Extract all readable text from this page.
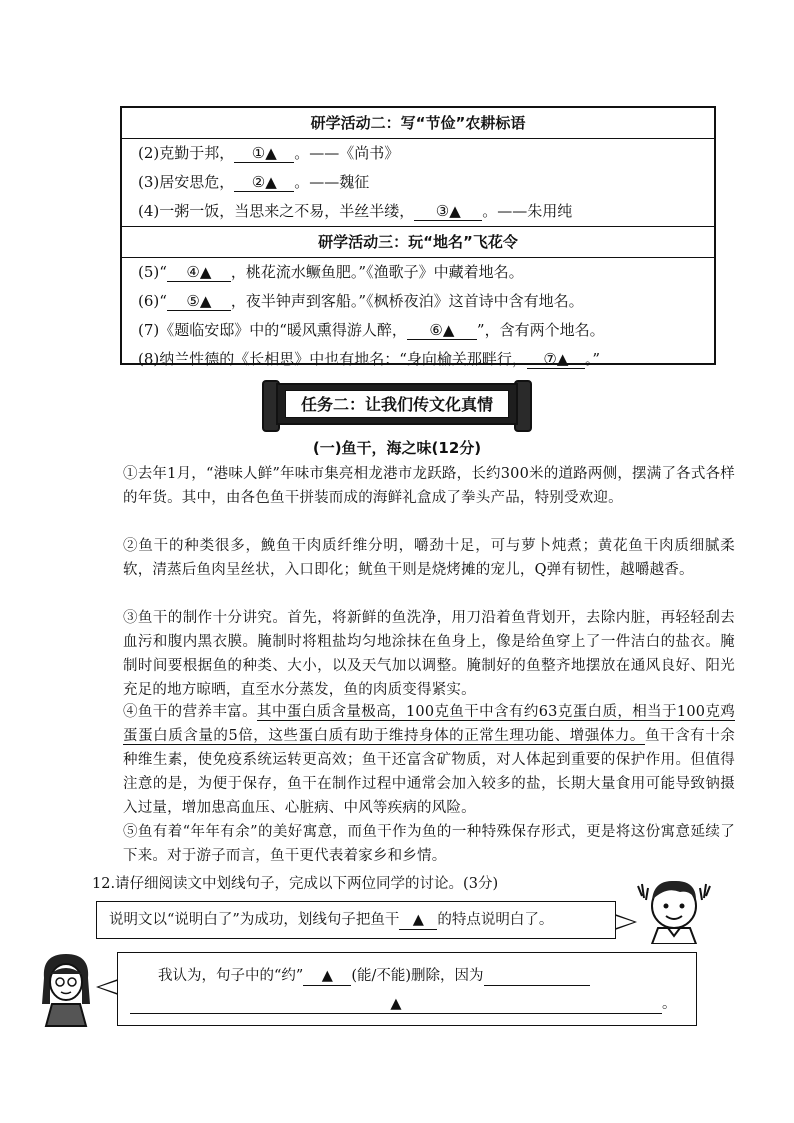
研学活动二：写“节俭”农耕标语
(2)克勤于邦， ①▲ 。——《尚书》
(3)居安思危， ②▲ 。——魏征
(4)一粥一饭，当思来之不易，半丝半缕， ③▲ 。——朱用纯
研学活动三：玩“地名”飞花令
(5)“ ④▲ ，桃花流水鳜鱼肥。”《渔歌子》中藏着地名。
(6)“ ⑤▲ ，夜半钟声到客船。”《枫桥夜泊》这首诗中含有地名。
(7)《题临安邸》中的“暖风熏得游人醉， ⑥▲ ”，含有两个地名。
(8)纳兰性德的《长相思》中也有地名：“身向榆关那畔行， ⑦▲ 。”
任务二：让我们传文化真情
(一)鱼干，海之味(12分)
①去年1月，“港味人鲜”年味市集亮相龙港市龙跃路，长约300米的道路两侧，摆满了各式各样的年货。其中，由各色鱼干拼装而成的海鲜礼盒成了拳头产品，特别受欢迎。
②鱼干的种类很多，鮸鱼干肉质纤维分明，嚼劲十足，可与萝卜炖煮；黄花鱼干肉质细腻柔软，清蒸后鱼肉呈丝状，入口即化；鱿鱼干则是烧烤摊的宠儿，Q弹有韧性，越嚼越香。
③鱼干的制作十分讲究。首先，将新鲜的鱼洗净，用刀沿着鱼背划开，去除内脏，再轻轻刮去血污和腹内黑衣膜。腌制时将粗盐均匀地涂抹在鱼身上，像是给鱼穿上了一件洁白的盐衣。腌制时间要根据鱼的种类、大小，以及天气加以调整。腌制好的鱼整齐地摆放在通风良好、阳光充足的地方晾晒，直至水分蒸发，鱼的肉质变得紧实。
④鱼干的营养丰富。其中蛋白质含量极高，100克鱼干中含有约63克蛋白质，相当于100克鸡蛋蛋白质含量的5倍，这些蛋白质有助于维持身体的正常生理功能、增强体力。鱼干含有十余种维生素，使免疫系统运转更高效；鱼干还富含矿物质，对人体起到重要的保护作用。但值得注意的是，为便于保存，鱼干在制作过程中通常会加入较多的盐，长期大量食用可能导致钠摄入过量，增加患高血压、心脏病、中风等疾病的风险。
⑤鱼有着“年年有余”的美好寓意，而鱼干作为鱼的一种特殊保存形式，更是将这份寓意延续了下来。对于游子而言，鱼干更代表着家乡和乡情。
12.请仔细阅读文中划线句子，完成以下两位同学的讨论。(3分)
说明文以“说明白了”为成功，划线句子把鱼干 ▲ 的特点说明白了。
我认为，句子中的“约” ▲ (能/不能)删除，因为
▲	。
